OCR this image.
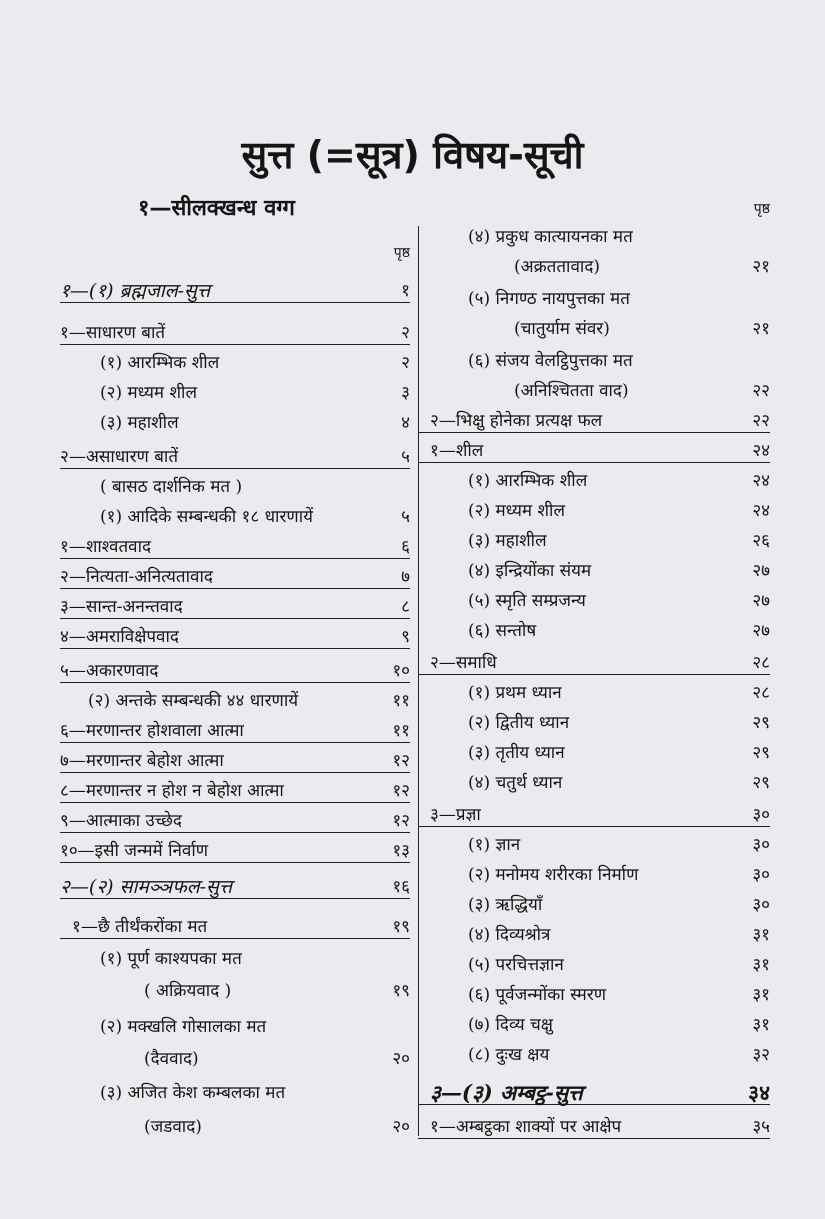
सुत्त (=सूत्र) विषय-सूची
१—सीलक्खन्ध वग्ग
पृष्ठ
१—(१) ब्रह्मजाल-सुत्त	१
१—साधारण बातें	२
(१) आरम्भिक शील	२
(२) मध्यम शील	३
(३) महाशील	४
२—असाधारण बातें	५
( बासठ दार्शनिक मत )
(१) आदिके सम्बन्धकी १८ धारणायें	५
१—शाश्वतवाद	६
२—नित्यता-अनित्यतावाद	७
३—सान्त-अनन्तवाद	८
४—अमराविक्षेपवाद	९
५—अकारणवाद	१०
(२) अन्तके सम्बन्धकी ४४ धारणायें	११
६—मरणान्तर होशवाला आत्मा	११
७—मरणान्तर बेहोश आत्मा	१२
८—मरणान्तर न होश न बेहोश आत्मा	१२
९—आत्माका उच्छेद	१२
१०—इसी जन्ममें निर्वाण	१३
२—(२) सामञ्ञफल-सुत्त	१६
१—छै तीर्थंकरोंका मत	१९
(१) पूर्ण काश्यपका मत
( अक्रियवाद )	१९
(२) मक्खलि गोसालका मत
(दैववाद)	२०
(३) अजित केश कम्बलका मत
(जडवाद)	२०
पृष्ठ
(४) प्रकुध कात्यायनका मत
(अक्रततावाद)	२१
(५) निगण्ठ नायपुत्तका मत
(चातुर्याम संवर)	२१
(६) संजय वेलट्ठिपुत्तका मत
(अनिश्चितता वाद)	२२
२—भिक्षु होनेका प्रत्यक्ष फल	२२
१—शील	२४
(१) आरम्भिक शील	२४
(२) मध्यम शील	२४
(३) महाशील	२६
(४) इन्द्रियोंका संयम	२७
(५) स्मृति सम्प्रजन्य	२७
(६) सन्तोष	२७
२—समाधि	२८
(१) प्रथम ध्यान	२८
(२) द्वितीय ध्यान	२९
(३) तृतीय ध्यान	२९
(४) चतुर्थ ध्यान	२९
३—प्रज्ञा	३०
(१) ज्ञान	३०
(२) मनोमय शरीरका निर्माण	३०
(३) ऋद्धियाँ	३०
(४) दिव्यश्रोत्र	३१
(५) परचित्तज्ञान	३१
(६) पूर्वजन्मोंका स्मरण	३१
(७) दिव्य चक्षु	३१
(८) दुःख क्षय	३२
३—(३) अम्बट्ठ-सुत्त	३४
१—अम्बट्ठका शाक्यों पर आक्षेप	३५
